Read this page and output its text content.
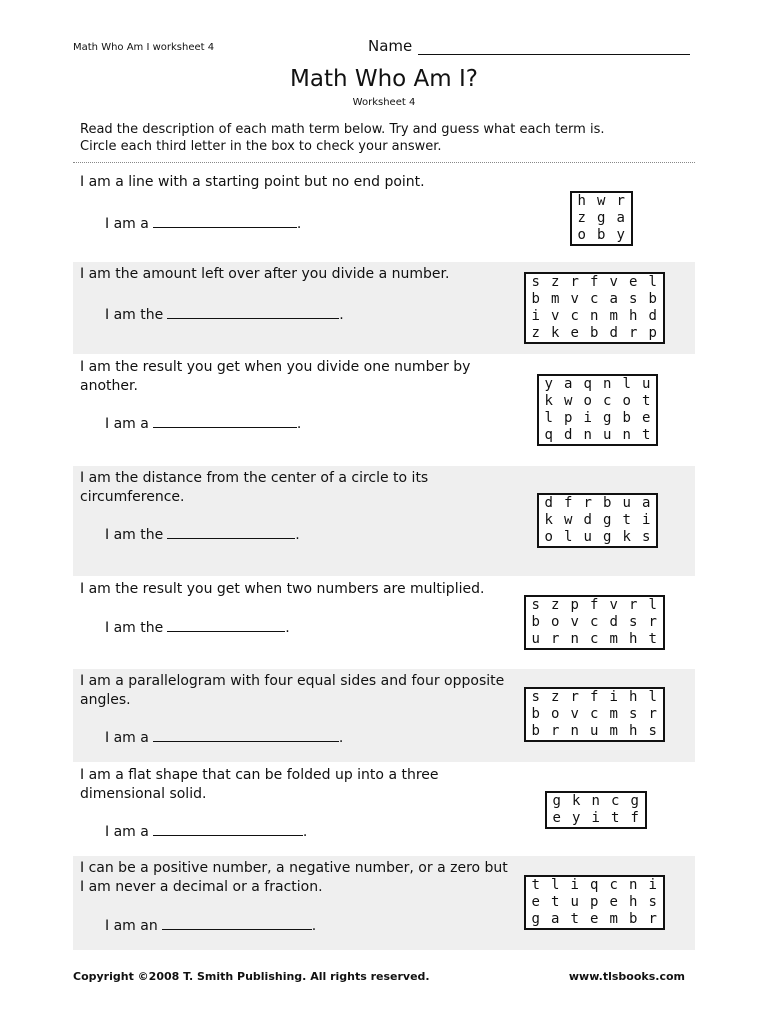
Math Who Am I worksheet 4	Name
Math Who Am I?
Worksheet 4
Read the description of each math term below. Try and guess what each term is.
Circle each third letter in the box to check your answer.
I am a line with a starting point but no end point.
I am a	.
h	w	r
z	g	a
o	b	y
I am the amount left over after you divide a number.
I am the	.
s	z	r	f	v	e	l
b	m	v	c	a	s	b
i	v	c	n	m	h	d
z	k	e	b	d	r	p
I am the result you get when you divide one number by another.
I am a	.
y	a	q	n	l	u
k	w	o	c	o	t
l	p	i	g	b	e
q	d	n	u	n	t
I am the distance from the center of a circle to its circumference.
I am the	.
d	f	r	b	u	a
k	w	d	g	t	i
o	l	u	g	k	s
I am the result you get when two numbers are multiplied.
I am the	.
s	z	p	f	v	r	l
b	o	v	c	d	s	r
u	r	n	c	m	h	t
I am a parallelogram with four equal sides and four opposite angles.
I am a	.
s	z	r	f	i	h	l
b	o	v	c	m	s	r
b	r	n	u	m	h	s
I am a flat shape that can be folded up into a three dimensional solid.
I am a	.
g	k	n	c	g
e	y	i	t	f
I can be a positive number, a negative number, or a zero but I am never a decimal or a fraction.
I am an	.
t	l	i	q	c	n	i
e	t	u	p	e	h	s
g	a	t	e	m	b	r
Copyright ©2008 T. Smith Publishing. All rights reserved.	www.tlsbooks.com
